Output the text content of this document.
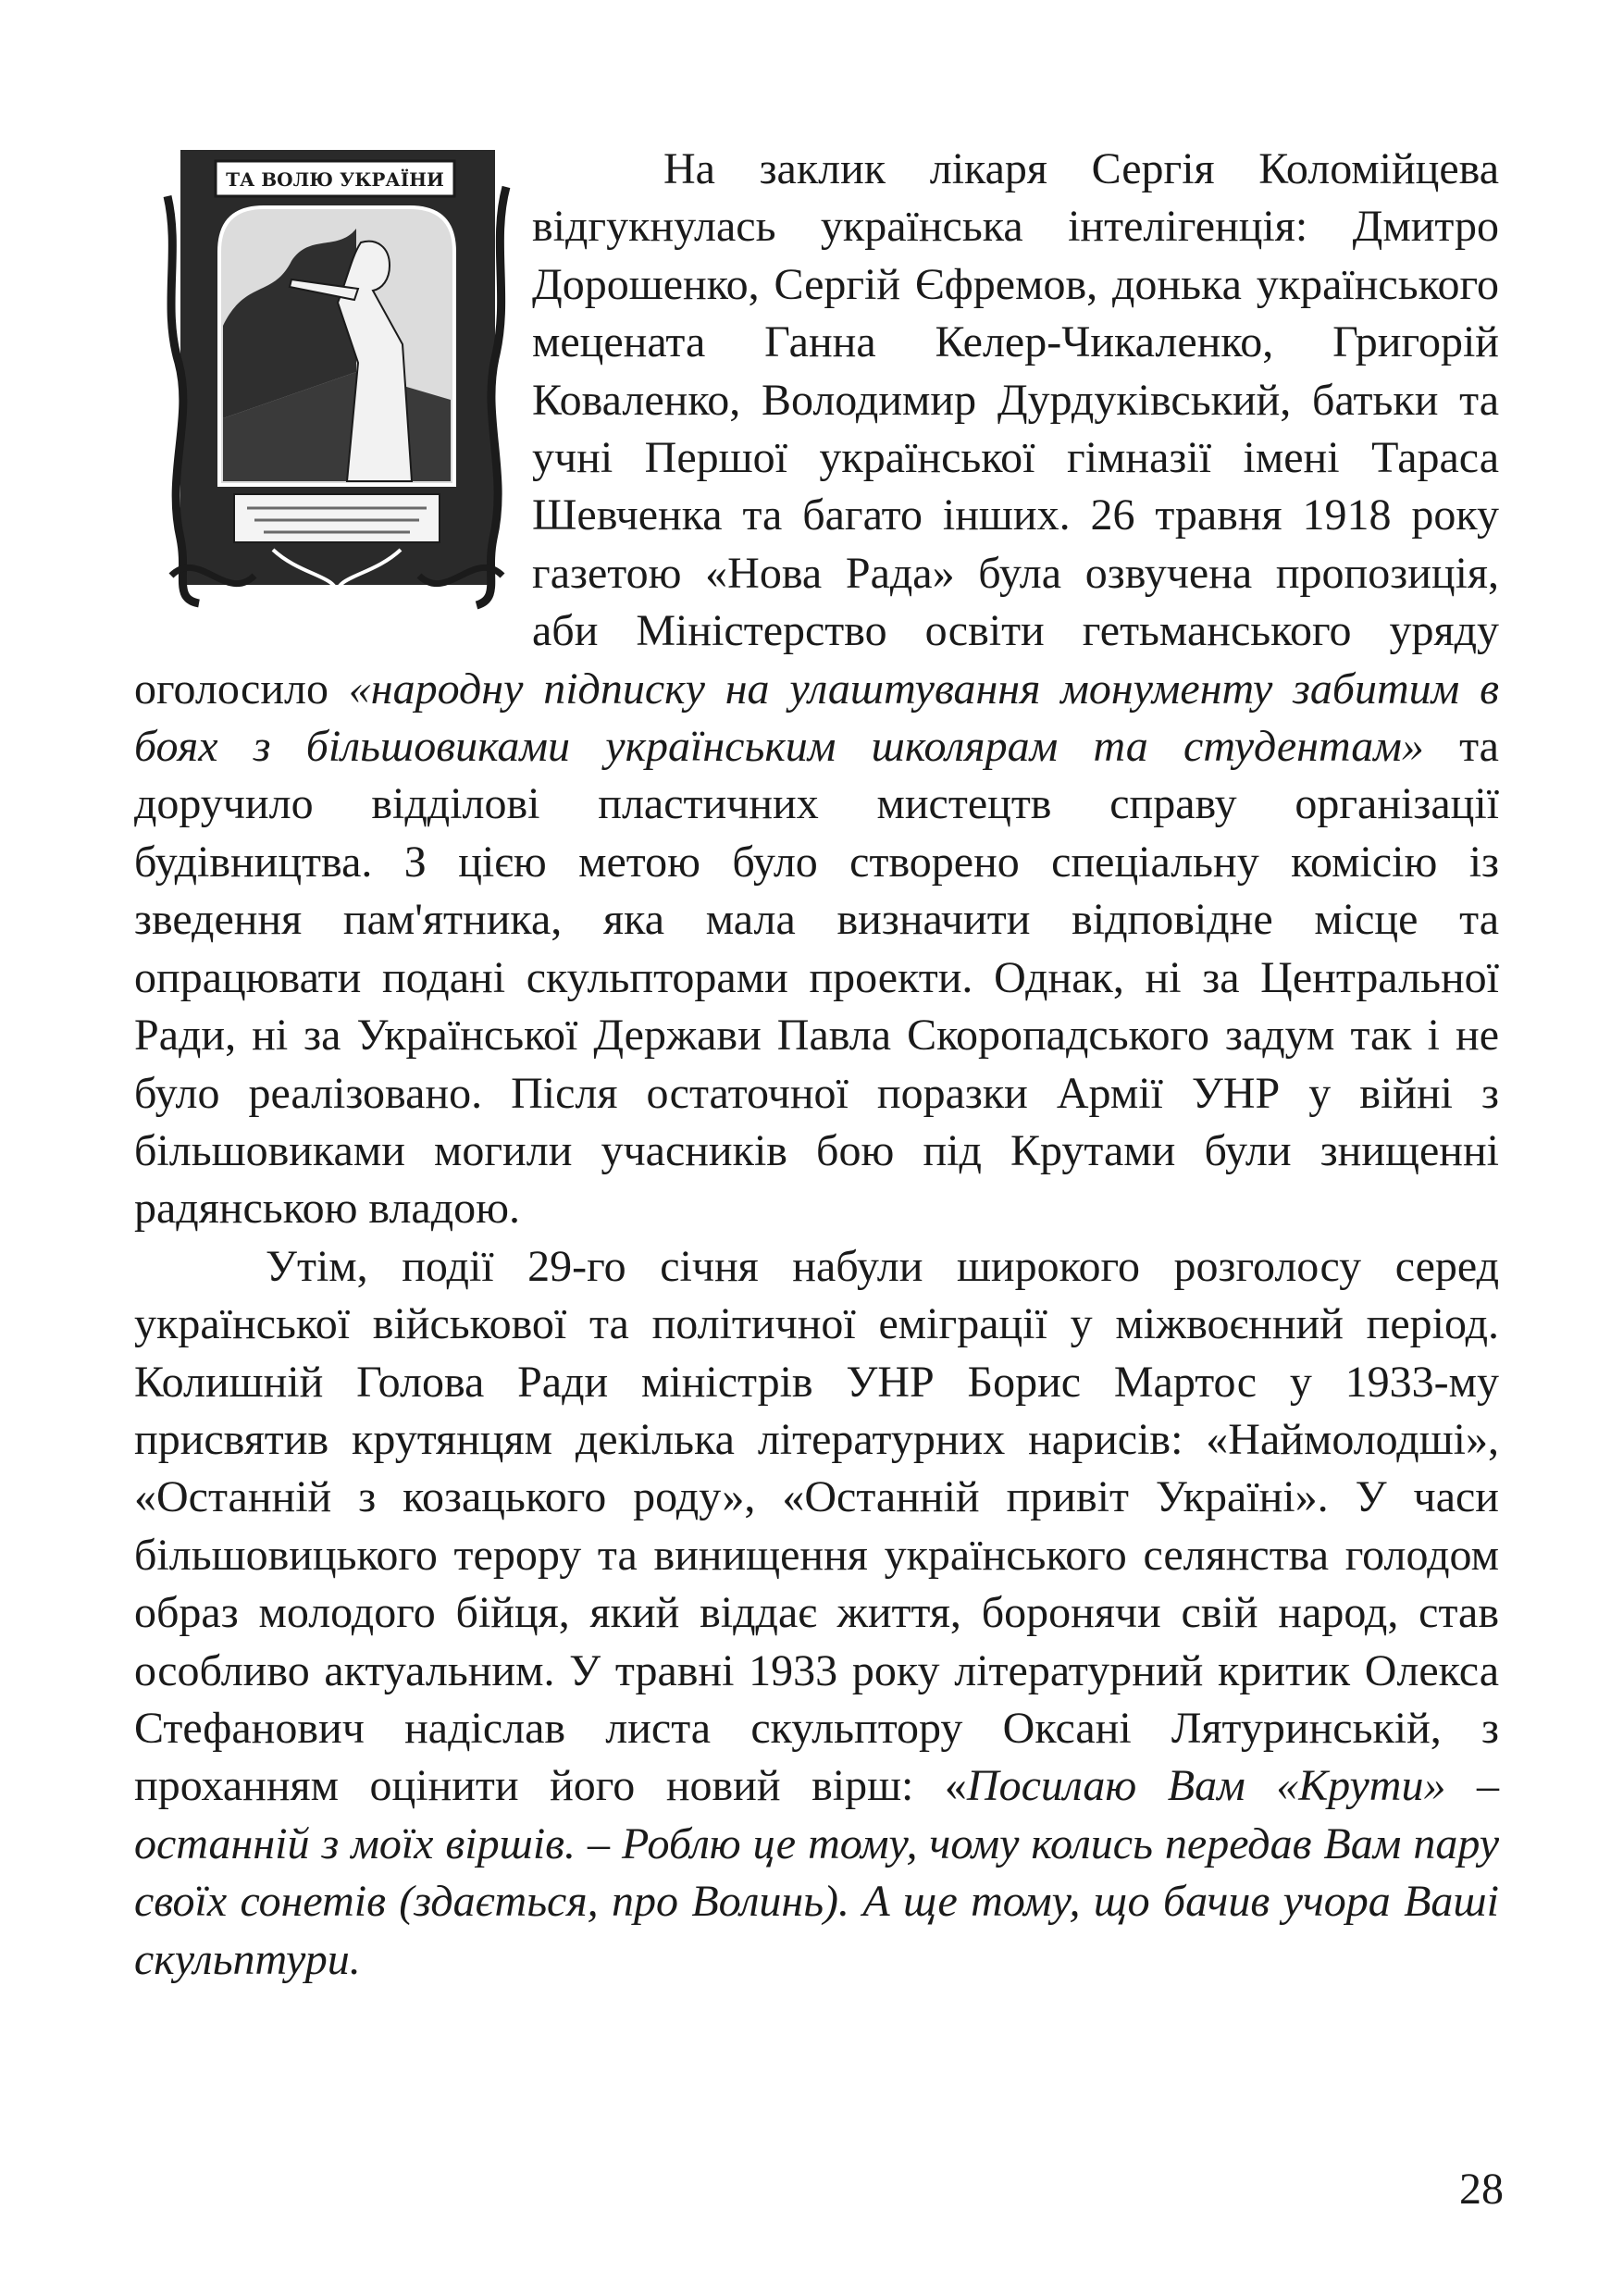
ТА ВОЛЮ УКРАЇНИ	На заклик лікаря Сергія Коломійцева відгукнулась українська інтелігенція: Дмитро Дорошенко, Сергій Єфремов, донька українського мецената Ганна Келер-Чикаленко, Григорій Коваленко, Володимир Дурдуківський, батьки та учні Першої української гімназії імені Тараса Шевченка та багато інших. 26 травня 1918 року газетою «Нова Рада» була озвучена пропозиція, аби Міністерство освіти гетьманського уряду оголосило «народну підписку на улаштування монументу забитим в боях з більшовиками українським школярам та студентам» та доручило відділові пластичних мистецтв справу організації будівництва. З цією метою було створено спеціальну комісію із зведення пам'ятника, яка мала визначити відповідне місце та опрацювати подані скульпторами проекти. Однак, ні за Центральної Ради, ні за Української Держави Павла Скоропадського задум так і не було реалізовано. Після остаточної поразки Армії УНР у війні з більшовиками могили учасників бою під Крутами були знищенні радянською владою.

Утім, події 29-го січня набули широкого розголосу серед української військової та політичної еміграції у міжвоєнний період. Колишній Голова Ради міністрів УНР Борис Мартос у 1933-му присвятив крутянцям декілька літературних нарисів: «Наймолодші», «Останній з козацького роду», «Останній привіт Україні». У часи більшовицького терору та винищення українського селянства голодом образ молодого бійця, який віддає життя, боронячи свій народ, став особливо актуальним. У травні 1933 року літературний критик Олекса Стефанович надіслав листа скульптору Оксані Лятуринській, з проханням оцінити його новий вірш: «Посилаю Вам «Крути» – останній з моїх віршів. – Роблю це тому, чому колись передав Вам пару своїх сонетів (здається, про Волинь). А ще тому, що бачив учора Ваші скульптури.

28
